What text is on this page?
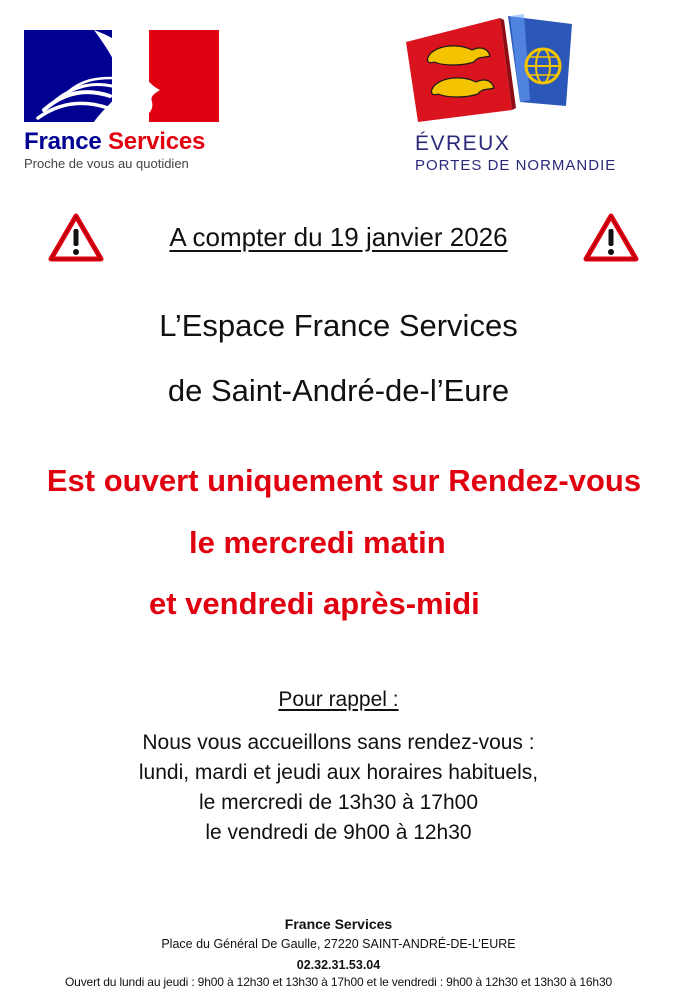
France Services
Proche de vous au quotidien
ÉVREUX
PORTES DE NORMANDIE
A compter du 19 janvier 2026
L’Espace France Services
de Saint-André-de-l’Eure
Est ouvert uniquement sur Rendez-vous
le mercredi matin
et vendredi après-midi
Pour rappel :
Nous vous accueillons sans rendez-vous :
lundi, mardi et jeudi aux horaires habituels,
le mercredi de 13h30 à 17h00
le vendredi de 9h00 à 12h30
France Services
Place du Général De Gaulle, 27220 SAINT-ANDRÉ-DE-L’EURE
02.32.31.53.04
Ouvert du lundi au jeudi : 9h00 à 12h30 et 13h30 à 17h00 et le vendredi : 9h00 à 12h30 et 13h30 à 16h30
